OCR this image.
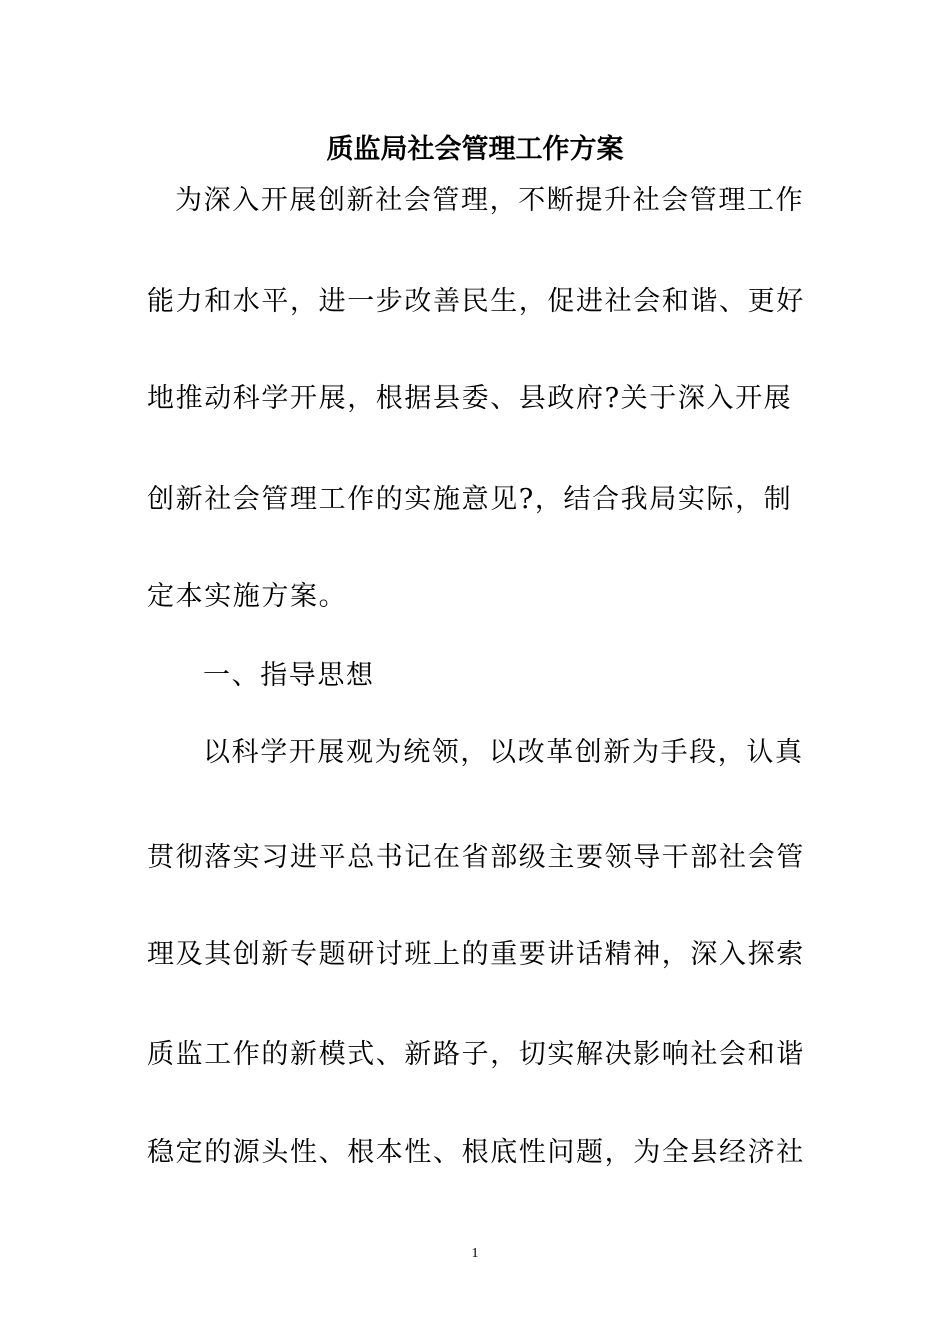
质监局社会管理工作方案
为深入开展创新社会管理，不断提升社会管理工作
能力和水平，进一步改善民生，促进社会和谐、更好
地推动科学开展，根据县委、县政府?关于深入开展
创新社会管理工作的实施意见?，结合我局实际，制
定本实施方案。
一、指导思想
以科学开展观为统领，以改革创新为手段，认真
贯彻落实习进平总书记在省部级主要领导干部社会管
理及其创新专题研讨班上的重要讲话精神，深入探索
质监工作的新模式、新路子，切实解决影响社会和谐
稳定的源头性、根本性、根底性问题，为全县经济社
1
